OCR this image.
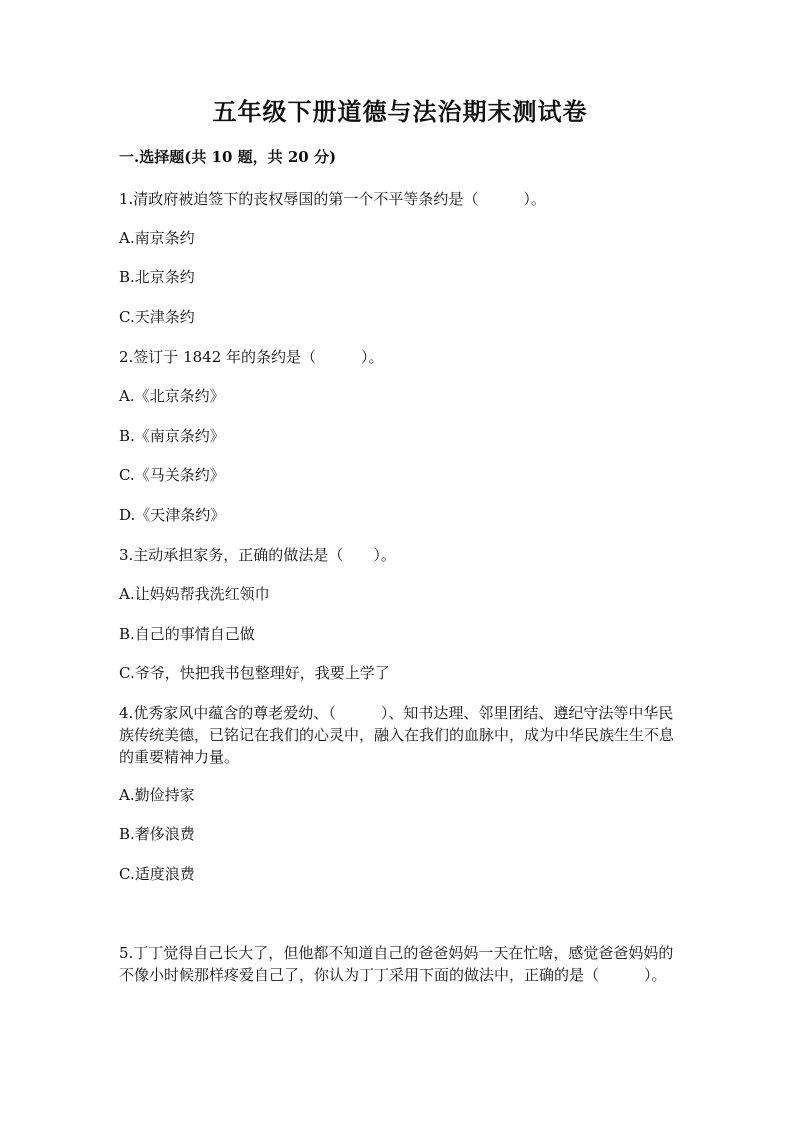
五年级下册道德与法治期末测试卷
一.选择题(共 10 题，共 20 分)
1.清政府被迫签下的丧权辱国的第一个不平等条约是（　　　）。
A.南京条约
B.北京条约
C.天津条约
2.签订于 1842 年的条约是（　　　）。
A.《北京条约》
B.《南京条约》
C.《马关条约》
D.《天津条约》
3.主动承担家务，正确的做法是（　　）。
A.让妈妈帮我洗红领巾
B.自己的事情自己做
C.爷爷，快把我书包整理好，我要上学了
4.优秀家风中蕴含的尊老爱幼、（　　　）、知书达理、邻里团结、遵纪守法等中华民族传统美德，已铭记在我们的心灵中，融入在我们的血脉中，成为中华民族生生不息的重要精神力量。
A.勤俭持家
B.奢侈浪费
C.适度浪费
5.丁丁觉得自己长大了，但他都不知道自己的爸爸妈妈一天在忙啥，感觉爸爸妈妈的不像小时候那样疼爱自己了，你认为丁丁采用下面的做法中，正确的是（　　　）。
